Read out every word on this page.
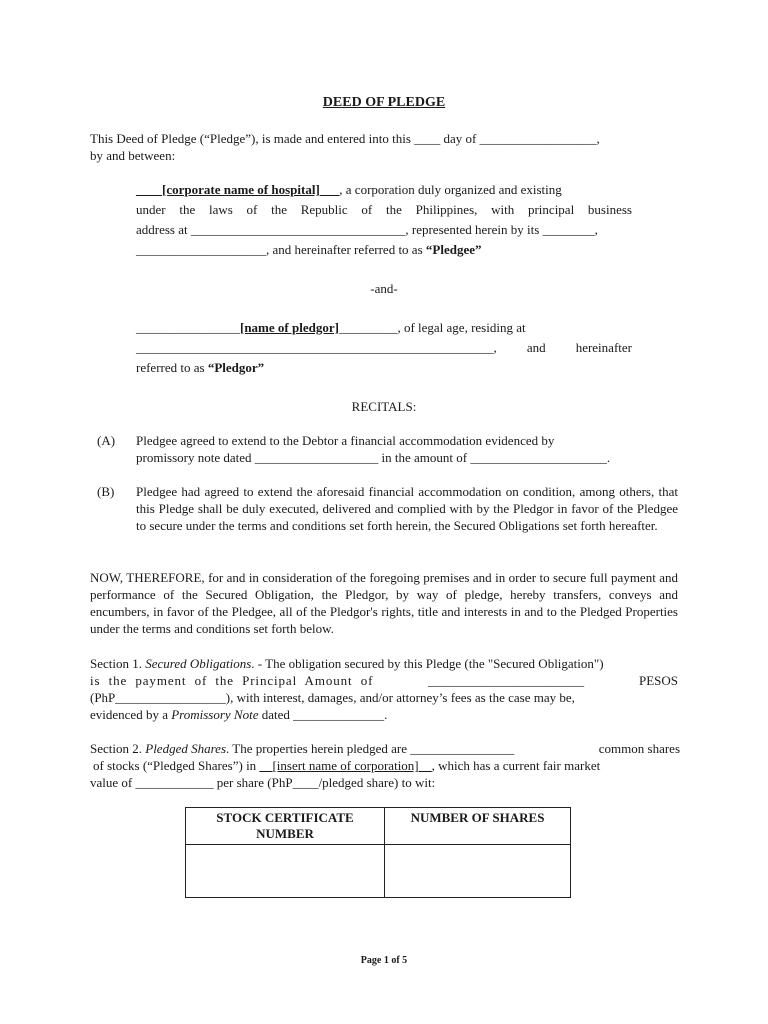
DEED OF PLEDGE
This Deed of Pledge (“Pledge”), is made and entered into this ____ day of __________________,
by and between:
____[corporate name of hospital]___, a corporation duly organized and existing
under the laws of the Republic of the Philippines, with principal business
address at _________________________________, represented herein by its ________,
____________________, and hereinafter referred to as “Pledgee”
-and-
________________[name of pledgor]_________, of legal age, residing at
_______________________________________________________, and hereinafter
referred to as “Pledgor”
RECITALS:
(A) Pledgee agreed to extend to the Debtor a financial accommodation evidenced by
promissory note dated ___________________ in the amount of _____________________.
(B) Pledgee had agreed to extend the aforesaid financial accommodation on condition, among others, that this Pledge shall be duly executed, delivered and complied with by the Pledgor in favor of the Pledgee to secure under the terms and conditions set forth herein, the Secured Obligations set forth hereafter.
NOW, THEREFORE, for and in consideration of the foregoing premises and in order to secure full payment and performance of the Secured Obligation, the Pledgor, by way of pledge, hereby transfers, conveys and encumbers, in favor of the Pledgee, all of the Pledgor's rights, title and interests in and to the Pledged Properties under the terms and conditions set forth below.
Section 1. Secured Obligations. - The obligation secured by this Pledge (the "Secured Obligation")
is the payment of the Principal Amount of	________________________	PESOS
(PhP_________________), with interest, damages, and/or attorney’s fees as the case may be,
evidenced by a Promissory Note dated ______________.
Section 2. Pledged Shares. The properties herein pledged are ________________	common shares
of stocks (“Pledged Shares”) in __[insert name of corporation]__, which has a current fair market
value of ____________ per share (PhP____/pledged share) to wit:
STOCK CERTIFICATE NUMBER	NUMBER OF SHARES

Page 1 of 5
